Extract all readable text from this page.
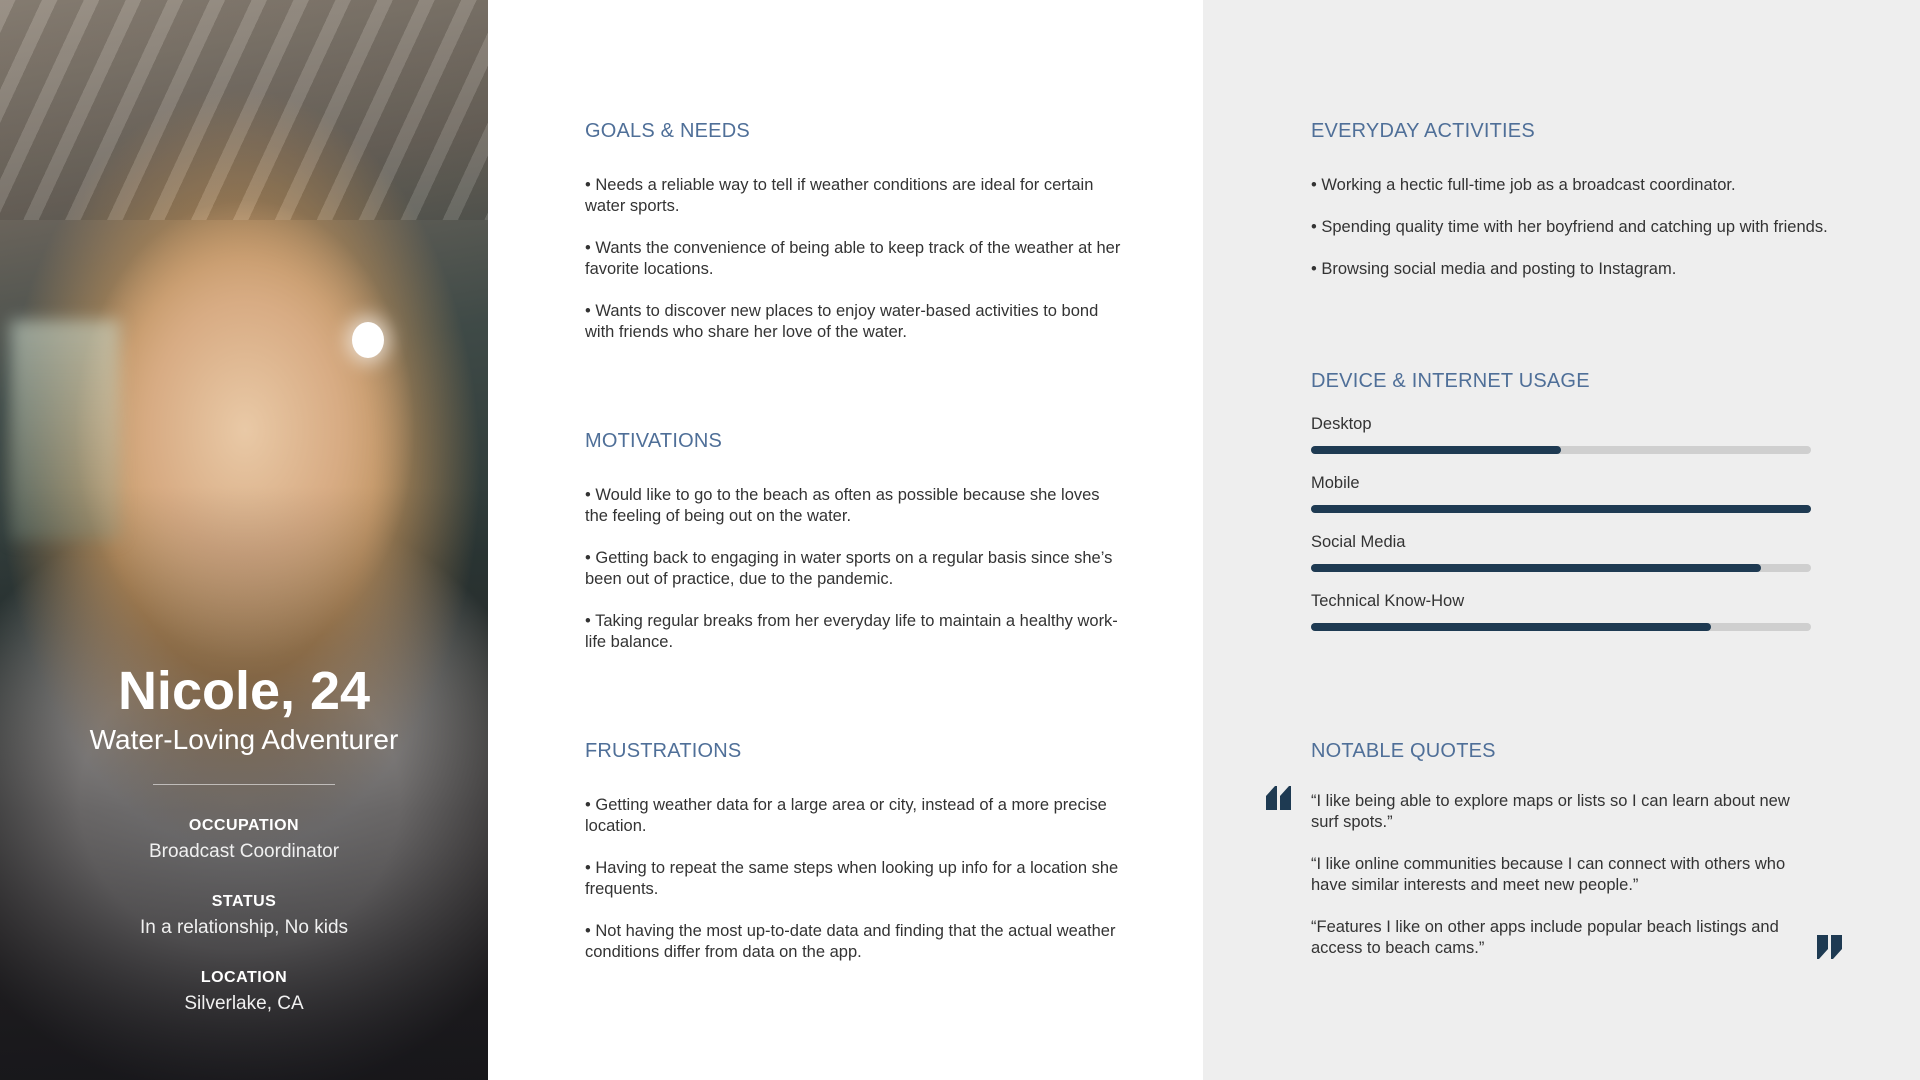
Nicole, 24
Water-Loving Adventurer
OCCUPATION
Broadcast Coordinator
STATUS
In a relationship, No kids
LOCATION
Silverlake, CA
GOALS & NEEDS
• Needs a reliable way to tell if weather conditions are ideal for certain water sports.
• Wants the convenience of being able to keep track of the weather at her favorite locations.
• Wants to discover new places to enjoy water-based activities to bond with friends who share her love of the water.
MOTIVATIONS
• Would like to go to the beach as often as possible because she loves the feeling of being out on the water.
• Getting back to engaging in water sports on a regular basis since she’s been out of practice, due to the pandemic.
• Taking regular breaks from her everyday life to maintain a healthy work-life balance.
FRUSTRATIONS
• Getting weather data for a large area or city, instead of a more precise location.
• Having to repeat the same steps when looking up info for a location she frequents.
• Not having the most up-to-date data and finding that the actual weather conditions differ from data on the app.
EVERYDAY ACTIVITIES
• Working a hectic full-time job as a broadcast coordinator.
• Spending quality time with her boyfriend and catching up with friends.
• Browsing social media and posting to Instagram.
DEVICE & INTERNET USAGE
Desktop
Mobile
Social Media
Technical Know-How
NOTABLE QUOTES
“I like being able to explore maps or lists so I can learn about new surf spots.”
“I like online communities because I can connect with others who have similar interests and meet new people.”
“Features I like on other apps include popular beach listings and access to beach cams.”
